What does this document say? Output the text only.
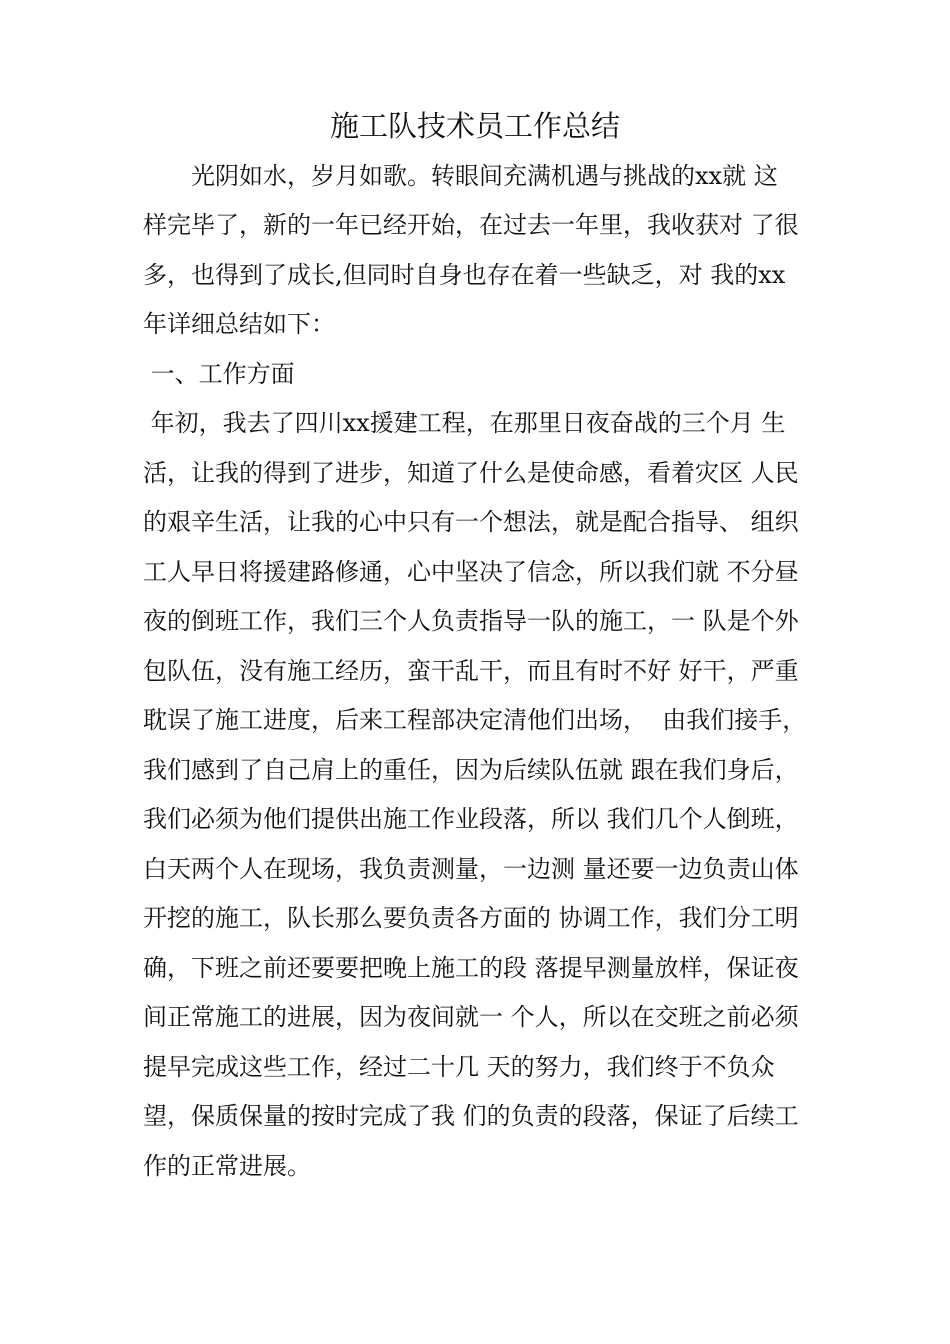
施工队技术员工作总结
　　光阴如水，岁月如歌。转眼间充满机遇与挑战的xx就 这
样完毕了，新的一年已经开始，在过去一年里，我收获对 了很
多，也得到了成长,但同时自身也存在着一些缺乏，对 我的xx
年详细总结如下：
一、工作方面
年初，我去了四川xx援建工程，在那里日夜奋战的三个月 生
活，让我的得到了进步，知道了什么是使命感，看着灾区 人民
的艰辛生活，让我的心中只有一个想法，就是配合指导、 组织
工人早日将援建路修通，心中坚决了信念，所以我们就 不分昼
夜的倒班工作，我们三个人负责指导一队的施工，一 队是个外
包队伍，没有施工经历，蛮干乱干，而且有时不好 好干，严重
耽误了施工进度，后来工程部决定清他们出场，  由我们接手，
我们感到了自己肩上的重任，因为后续队伍就 跟在我们身后，
我们必须为他们提供出施工作业段落，所以 我们几个人倒班，
白天两个人在现场，我负责测量，一边测 量还要一边负责山体
开挖的施工，队长那么要负责各方面的 协调工作，我们分工明
确，下班之前还要要把晚上施工的段 落提早测量放样，保证夜
间正常施工的进展，因为夜间就一 个人，所以在交班之前必须
提早完成这些工作，经过二十几 天的努力，我们终于不负众
望，保质保量的按时完成了我 们的负责的段落，保证了后续工
作的正常进展。
